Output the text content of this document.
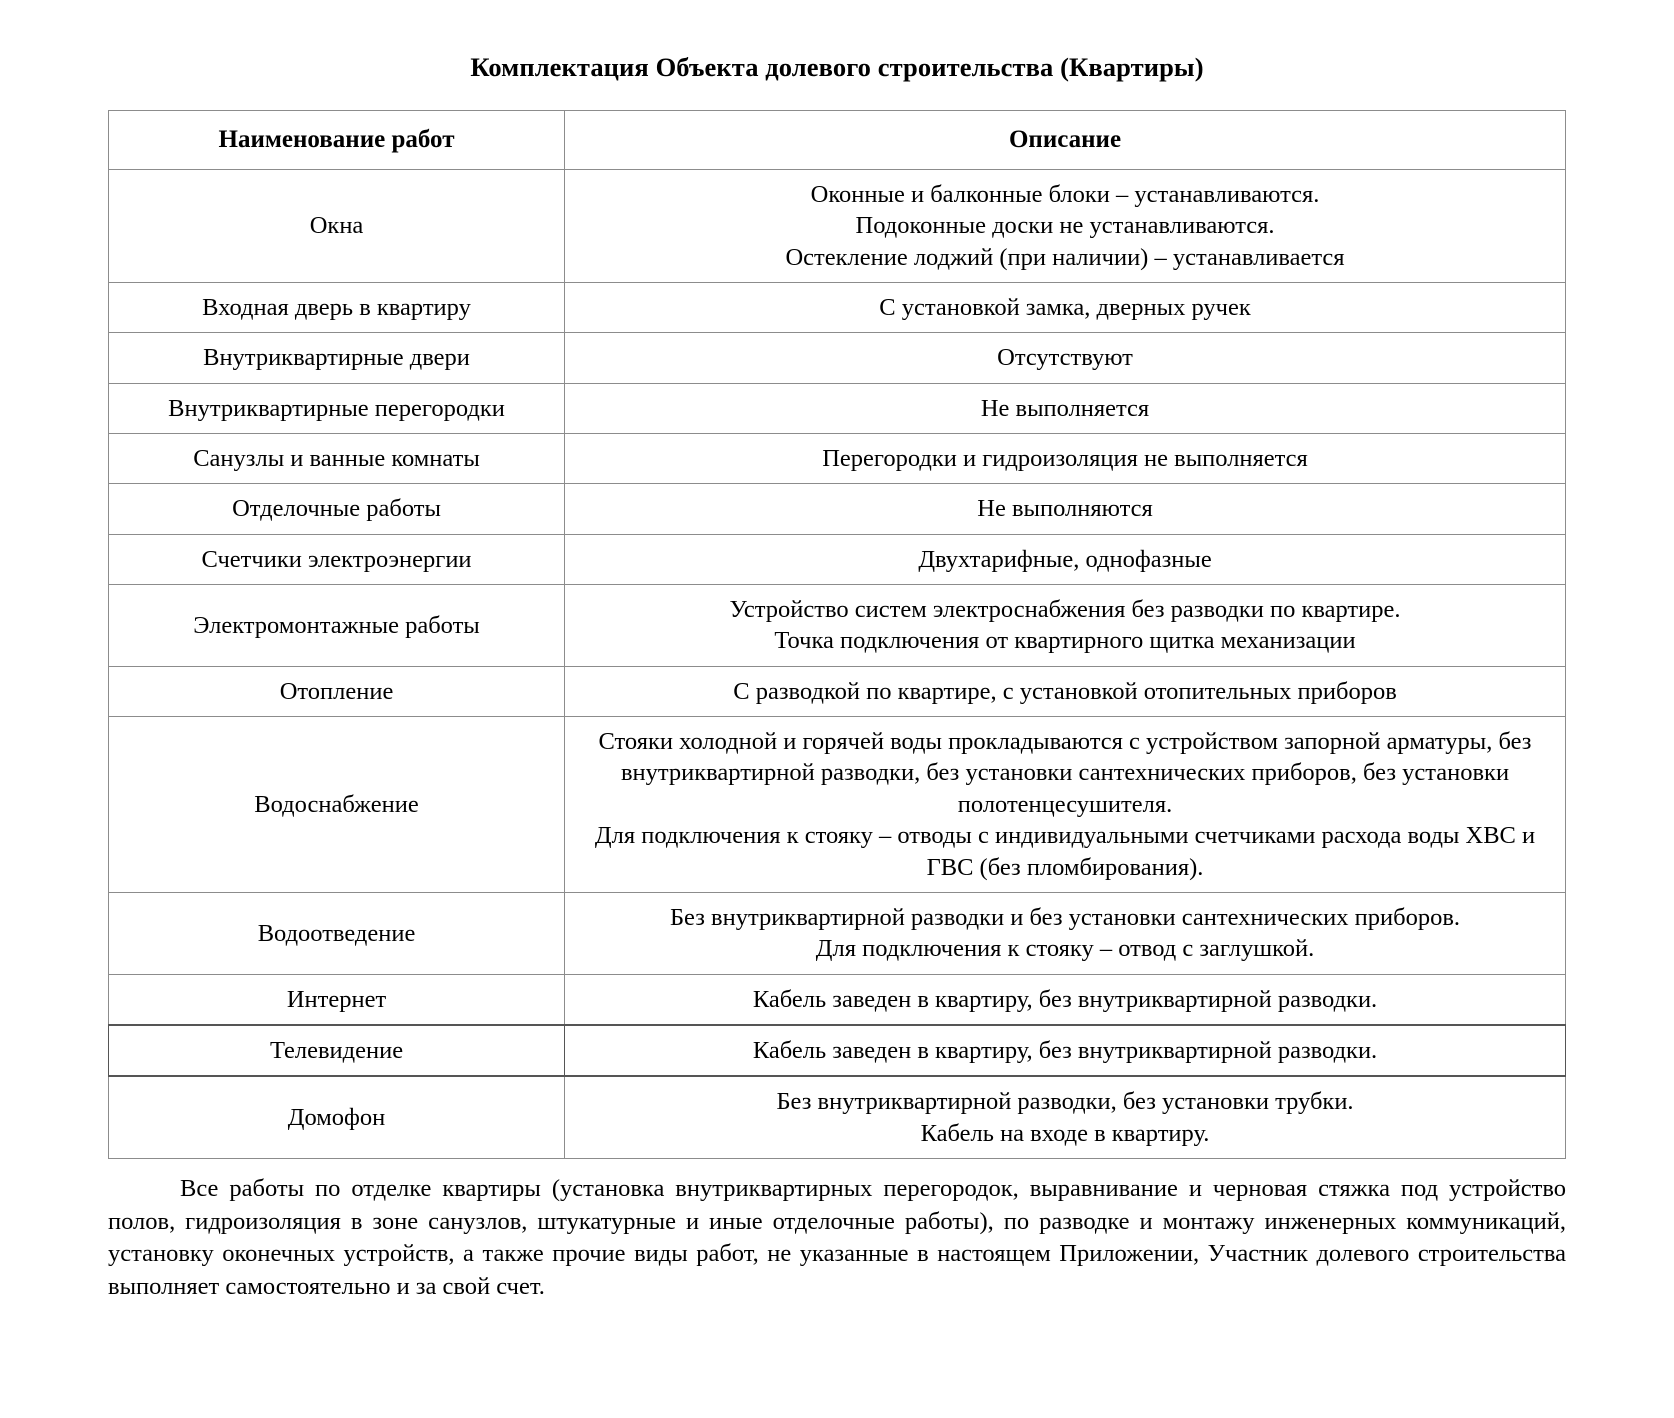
Комплектация Объекта долевого строительства (Квартиры)
Наименование работ	Описание
Окна	Оконные и балконные блоки – устанавливаются.
Подоконные доски не устанавливаются.
Остекление лоджий (при наличии) – устанавливается

Входная дверь в квартиру	С установкой замка, дверных ручек

Внутриквартирные двери	Отсутствуют

Внутриквартирные перегородки	Не выполняется

Санузлы и ванные комнаты	Перегородки и гидроизоляция не выполняется

Отделочные работы	Не выполняются

Счетчики электроэнергии	Двухтарифные, однофазные

Электромонтажные работы	Устройство систем электроснабжения без разводки по квартире.
Точка подключения от квартирного щитка механизации

Отопление	С разводкой по квартире, с установкой отопительных приборов

Водоснабжение	Стояки холодной и горячей воды прокладываются с устройством запорной арматуры, без внутриквартирной разводки, без установки сантехнических приборов, без установки полотенцесушителя.
Для подключения к стояку – отводы с индивидуальными счетчиками расхода воды ХВС и ГВС (без пломбирования).

Водоотведение	Без внутриквартирной разводки и без установки сантехнических приборов.
Для подключения к стояку – отвод с заглушкой.

Интернет	Кабель заведен в квартиру, без внутриквартирной разводки.

Телевидение	Кабель заведен в квартиру, без внутриквартирной разводки.

Домофон	Без внутриквартирной разводки, без установки трубки.
Кабель на входе в квартиру.
Все работы по отделке квартиры (установка внутриквартирных перегородок, выравнивание и черновая стяжка под устройство полов, гидроизоляция в зоне санузлов, штукатурные и иные отделочные работы), по разводке и монтажу инженерных коммуникаций, установку оконечных устройств, а также прочие виды работ, не указанные в настоящем Приложении, Участник долевого строительства выполняет самостоятельно и за свой счет.
